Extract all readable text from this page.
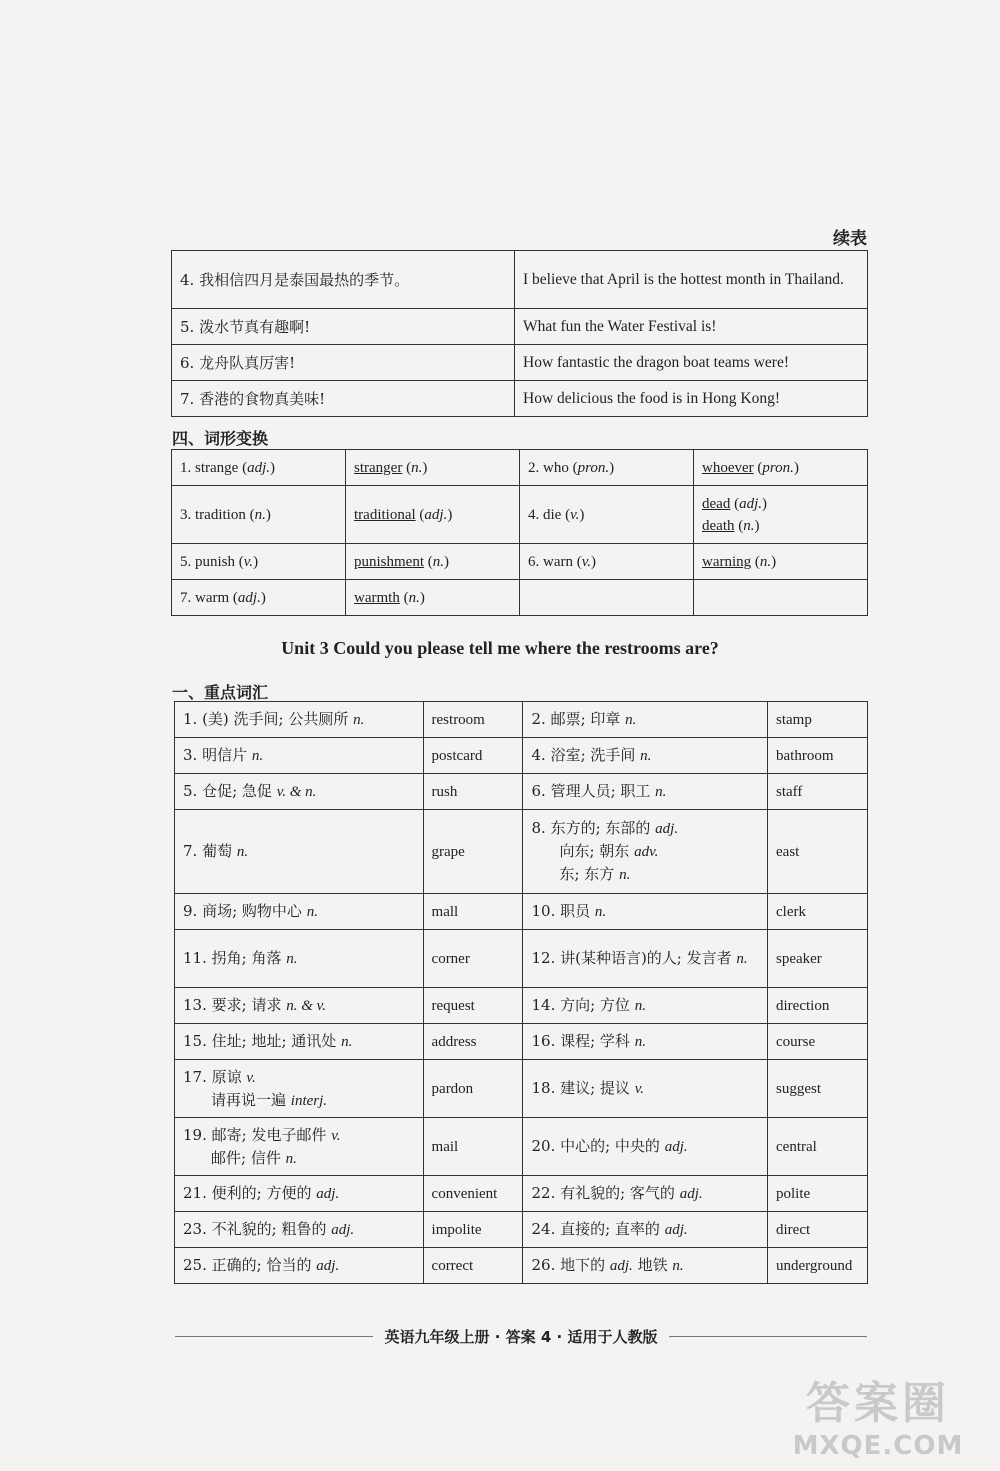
续表
4. 我相信四月是泰国最热的季节。	I believe that April is the hottest month in Thailand.
5. 泼水节真有趣啊!	What fun the Water Festival is!
6. 龙舟队真厉害!	How fantastic the dragon boat teams were!
7. 香港的食物真美味!	How delicious the food is in Hong Kong!
四、词形变换
1. strange (adj.)	stranger (n.)	2. who (pron.)	whoever (pron.)
3. tradition (n.)	traditional (adj.)	4. die (v.)	dead (adj.)
death (n.)

5. punish (v.)	punishment (n.)	6. warn (v.)	warning (n.)
7. warm (adj.)	warmth (n.)		
Unit 3 Could you please tell me where the restrooms are?
一、重点词汇
1. (美) 洗手间; 公共厕所 n.	restroom	2. 邮票; 印章 n.	stamp
3. 明信片 n.	postcard	4. 浴室; 洗手间 n.	bathroom
5. 仓促; 急促 v. & n.	rush	6. 管理人员; 职工 n.	staff
7. 葡萄 n.	grape	8. 东方的; 东部的 adj.
向东; 朝东 adv.
东; 东方 n.	east
9. 商场; 购物中心 n.	mall	10. 职员 n.	clerk
11. 拐角; 角落 n.	corner	12. 讲(某种语言)的人; 发言者 n.	speaker
13. 要求; 请求 n. & v.	request	14. 方向; 方位 n.	direction
15. 住址; 地址; 通讯处 n.	address	16. 课程; 学科 n.	course

17. 原谅 v.
请再说一遍 interj.	pardon	18. 建议; 提议 v.	suggest

19. 邮寄; 发电子邮件 v.
邮件; 信件 n.	mail	20. 中心的; 中央的 adj.	central
21. 便利的; 方便的 adj.	convenient	22. 有礼貌的; 客气的 adj.	polite
23. 不礼貌的; 粗鲁的 adj.	impolite	24. 直接的; 直率的 adj.	direct
25. 正确的; 恰当的 adj.	correct	26. 地下的 adj. 地铁 n.	underground
英语九年级上册 · 答案 4 · 适用于人教版
答案圈
MXQE.COM
